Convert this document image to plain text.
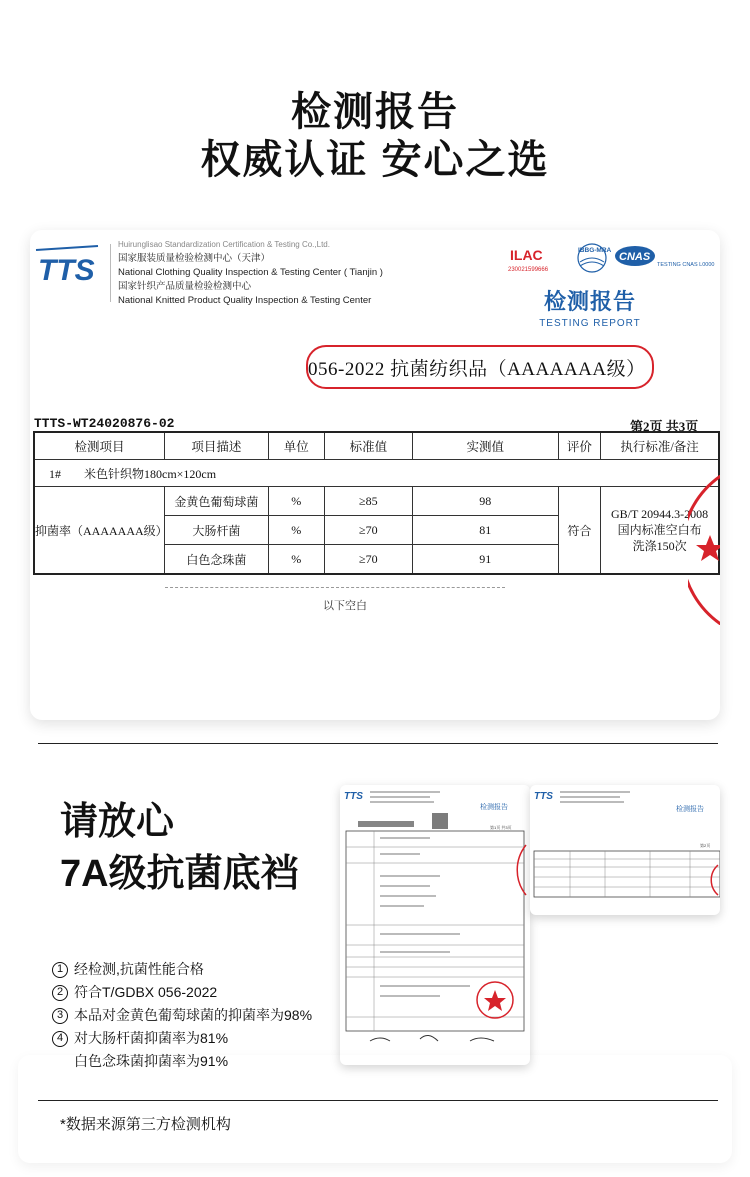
检测报告
权威认证 安心之选
TTS
Huirunglisao Standardization Certification & Testing Co.,Ltd.
国家服装质量检验检测中心（天津）
National Clothing Quality Inspection & Testing Center ( Tianjin )
国家针织产品质量检验检测中心
National Knitted Product Quality Inspection & Testing Center
ILAC
230021599666
IBBG-MRA
CNAS
TESTING CNAS L0000
检测报告
TESTING REPORT
056-2022 抗菌纺织品（AAAAAAA级）
TTTS-WT24020876-02	第2页 共3页
检测项目	项目描述	单位	标准值	实测值	评价	执行标准/备注
1# 米色针织物180cm×120cm						
抑菌率（AAAAAAA级）	金黄色葡萄球菌	%	≥85	98	符合	GB/T 20944.3-2008
国内标准空白布
洗涤150次

	大肠杆菌	%	≥70	81		
	白色念珠菌	%	≥70	91		
以下空白
请放心
7A级抗菌底裆
1 经检测,抗菌性能合格
2 符合T/GDBX 056-2022
3 本品对金黄色葡萄球菌的抑菌率为98%
4 对大肠杆菌抑菌率为81%
白色念珠菌抑菌率为91%
TTS
检测报告
第1页 共3页
TTS
检测报告
第2页
*数据来源第三方检测机构
